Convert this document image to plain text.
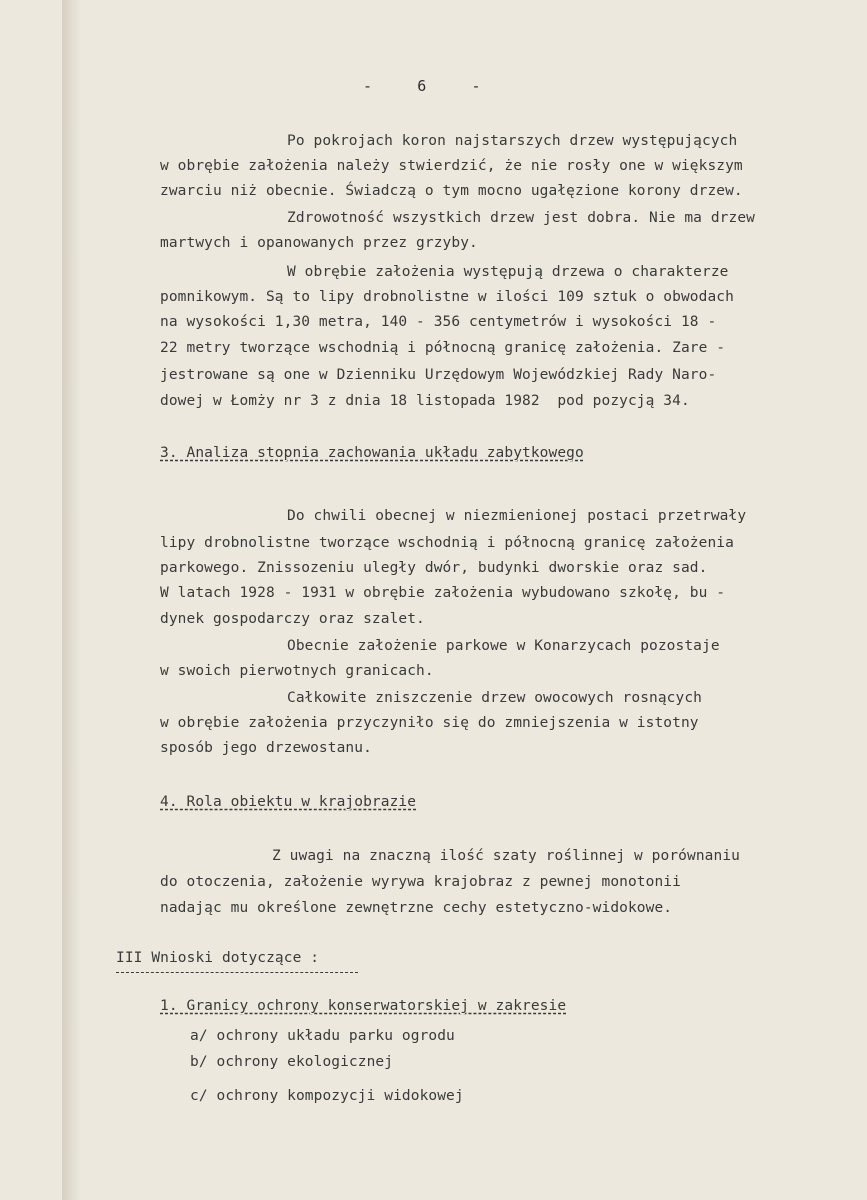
- 6 -
Po pokrojach koron najstarszych drzew występujących
w obrębie założenia należy stwierdzić, że nie rosły one w większym
zwarciu niż obecnie. Świadczą o tym mocno ugałęzione korony drzew.
Zdrowotność wszystkich drzew jest dobra. Nie ma drzew
martwych i opanowanych przez grzyby.
W obrębie założenia występują drzewa o charakterze
pomnikowym. Są to lipy drobnolistne w ilości 109 sztuk o obwodach
na wysokości 1,30 metra, 140 - 356 centymetrów i wysokości 18 -
22 metry tworzące wschodnią i północną granicę założenia. Zare -
jestrowane są one w Dzienniku Urzędowym Wojewódzkiej Rady Naro-
dowej w Łomży nr 3 z dnia 18 listopada 1982  pod pozycją 34.
3. Analiza stopnia zachowania układu zabytkowego
Do chwili obecnej w niezmienionej postaci przetrwały
lipy drobnolistne tworzące wschodnią i północną granicę założenia
parkowego. Znissozeniu uległy dwór, budynki dworskie oraz sad.
W latach 1928 - 1931 w obrębie założenia wybudowano szkołę, bu -
dynek gospodarczy oraz szalet.
Obecnie założenie parkowe w Konarzycach pozostaje
w swoich pierwotnych granicach.
Całkowite zniszczenie drzew owocowych rosnących
w obrębie założenia przyczyniło się do zmniejszenia w istotny
sposób jego drzewostanu.
4. Rola obiektu w krajobrazie
Z uwagi na znaczną ilość szaty roślinnej w porównaniu
do otoczenia, założenie wyrywa krajobraz z pewnej monotonii
nadając mu określone zewnętrzne cechy estetyczno-widokowe.
III Wnioski dotyczące :
1. Granicy ochrony konserwatorskiej w zakresie
a/ ochrony układu parku ogrodu
b/ ochrony ekologicznej
c/ ochrony kompozycji widokowej
